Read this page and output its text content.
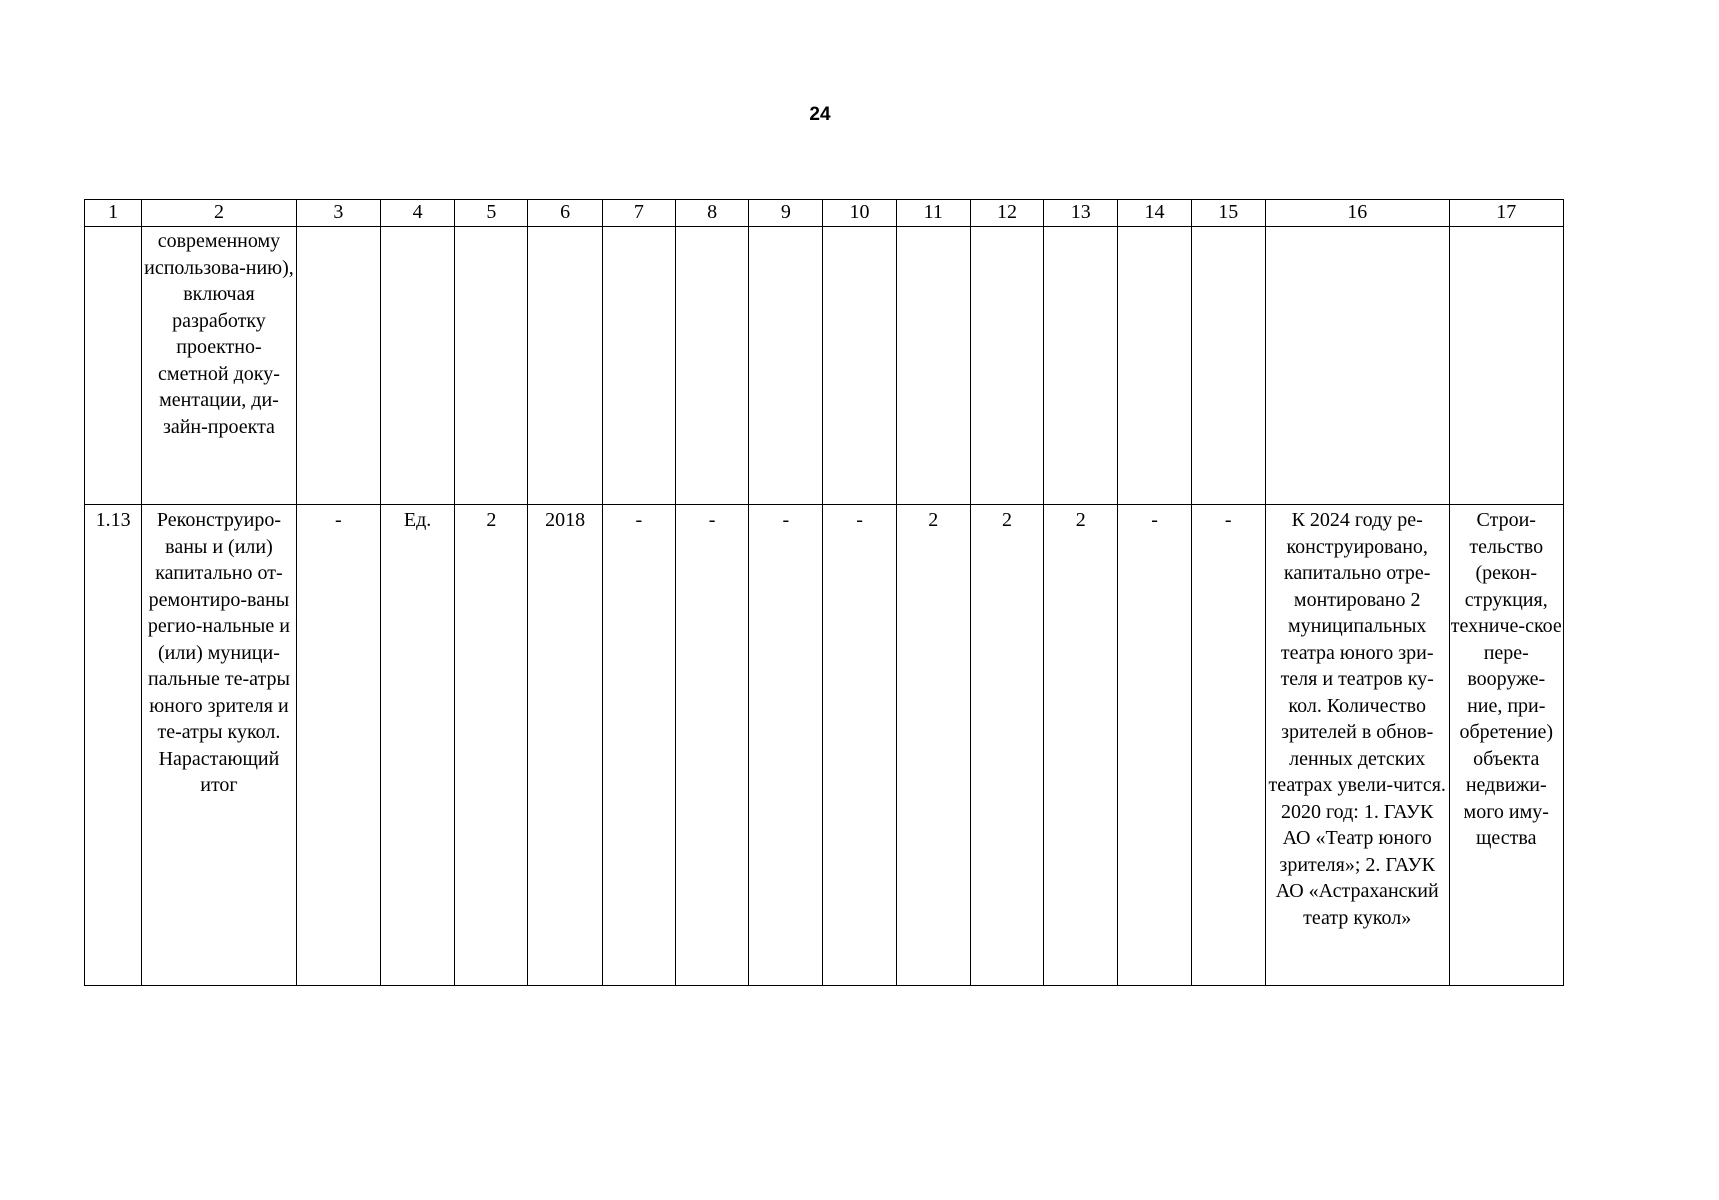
24
1	2	3	4	5	6	7	8	9	10	11	12	13	14	15	16	17
	современному использова-нию), включая разработку проектно-сметной доку-ментации, ди-зайн-проекта															
1.13	Реконструиро-ваны и (или) капитально от-ремонтиро-ваны регио-нальные и (или) муници-пальные те-атры юного зрителя и те-атры кукол. Нарастающий итог	-	Ед.	2	2018	-	-	-	-	2	2	2	-	-	К 2024 году ре-конструировано, капитально отре-монтировано 2 муниципальных театра юного зри-теля и театров ку-кол. Количество зрителей в обнов-ленных детских театрах увели-чится. 2020 год: 1. ГАУК АО «Театр юного зрителя»; 2. ГАУК АО «Астраханский театр кукол»	Строи-тельство (рекон-струкция, техниче-ское пере-вооруже-ние, при-обретение) объекта недвижи-мого иму-щества
